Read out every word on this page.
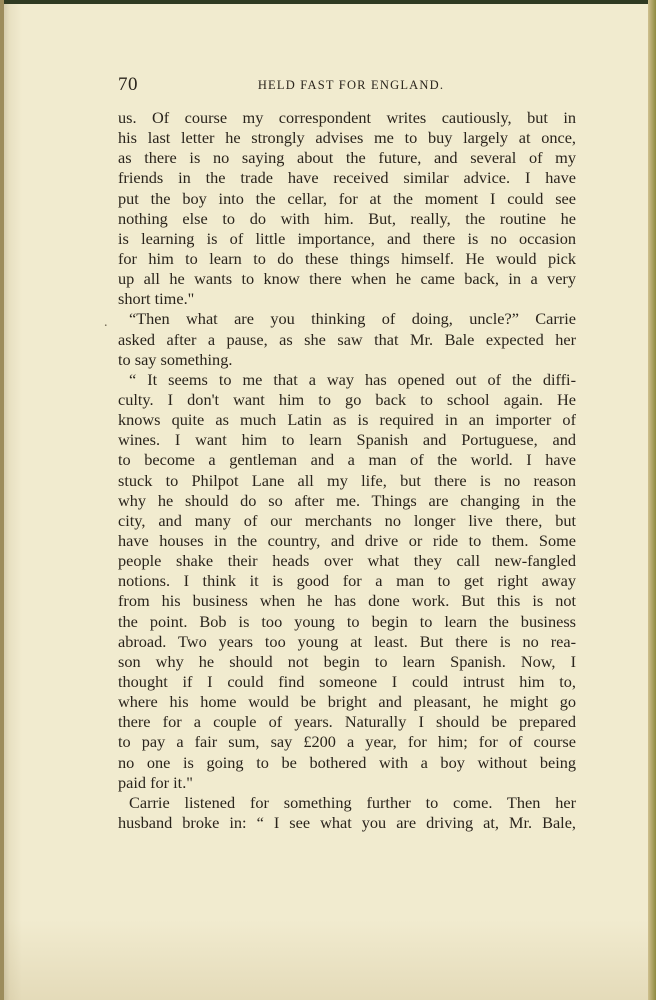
70	HELD FAST FOR ENGLAND.
.
us. Of course my correspondent writes cautiously, but in
his last letter he strongly advises me to buy largely at once,
as there is no saying about the future, and several of my
friends in the trade have received similar advice. I have
put the boy into the cellar, for at the moment I could see
nothing else to do with him. But, really, the routine he
is learning is of little importance, and there is no occasion
for him to learn to do these things himself. He would pick
up all he wants to know there when he came back, in a very
short time."
“Then what are you thinking of doing, uncle?” Carrie
asked after a pause, as she saw that Mr. Bale expected her
to say something.
“ It seems to me that a way has opened out of the diffi-
culty. I don't want him to go back to school again. He
knows quite as much Latin as is required in an importer of
wines. I want him to learn Spanish and Portuguese, and
to become a gentleman and a man of the world. I have
stuck to Philpot Lane all my life, but there is no reason
why he should do so after me. Things are changing in the
city, and many of our merchants no longer live there, but
have houses in the country, and drive or ride to them. Some
people shake their heads over what they call new-fangled
notions. I think it is good for a man to get right away
from his business when he has done work. But this is not
the point. Bob is too young to begin to learn the business
abroad. Two years too young at least. But there is no rea-
son why he should not begin to learn Spanish. Now, I
thought if I could find someone I could intrust him to,
where his home would be bright and pleasant, he might go
there for a couple of years. Naturally I should be prepared
to pay a fair sum, say £200 a year, for him; for of course
no one is going to be bothered with a boy without being
paid for it."
Carrie listened for something further to come. Then her
husband broke in: “ I see what you are driving at, Mr. Bale,
